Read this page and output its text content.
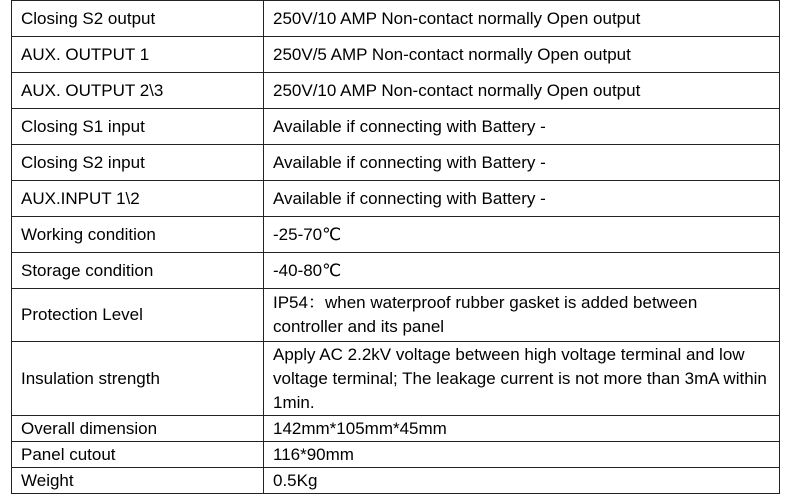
Closing S2 output	250V/10 AMP Non-contact normally Open output
AUX. OUTPUT 1	250V/5 AMP Non-contact normally Open output
AUX. OUTPUT 2\3	250V/10 AMP Non-contact normally Open output
Closing S1 input	Available if connecting with Battery -
Closing S2 input	Available if connecting with Battery -
AUX.INPUT 1\2	Available if connecting with Battery -
Working condition	-25-70℃
Storage condition	-40-80℃
Protection Level	IP54：when waterproof rubber gasket is added between controller and its panel
Insulation strength	Apply AC 2.2kV voltage between high voltage terminal and low voltage terminal; The leakage current is not more than 3mA within 1min.
Overall dimension	142mm*105mm*45mm
Panel cutout	116*90mm
Weight	0.5Kg
